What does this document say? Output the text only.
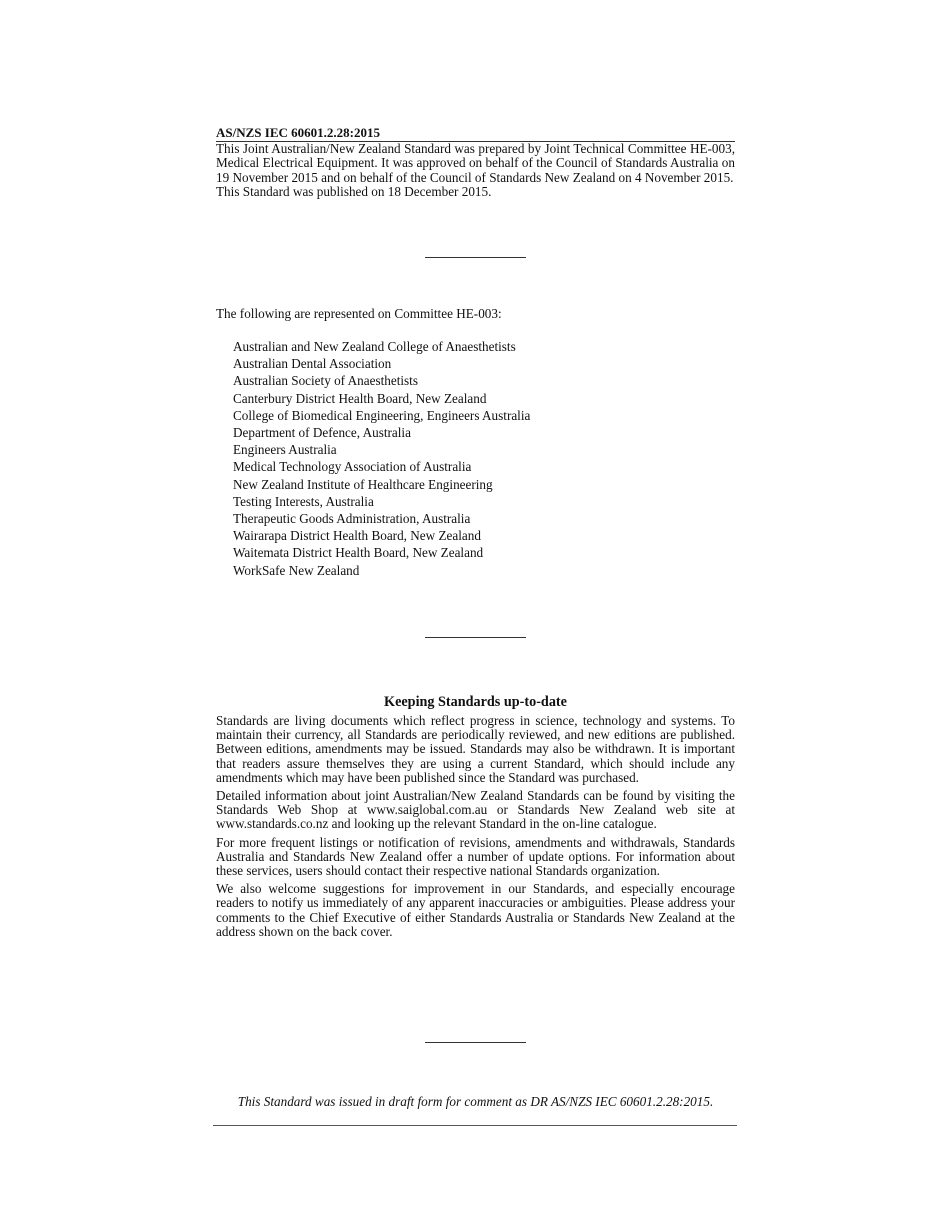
AS/NZS IEC 60601.2.28:2015

This Joint Australian/New Zealand Standard was prepared by Joint Technical Committee HE-003, Medical Electrical Equipment. It was approved on behalf of the Council of Standards Australia on 19 November 2015 and on behalf of the Council of Standards New Zealand on 4 November 2015.

This Standard was published on 18 December 2015.

The following are represented on Committee HE-003:

Australian and New Zealand College of Anaesthetists
Australian Dental Association
Australian Society of Anaesthetists
Canterbury District Health Board, New Zealand
College of Biomedical Engineering, Engineers Australia
Department of Defence, Australia
Engineers Australia
Medical Technology Association of Australia
New Zealand Institute of Healthcare Engineering
Testing Interests, Australia
Therapeutic Goods Administration, Australia
Wairarapa District Health Board, New Zealand
Waitemata District Health Board, New Zealand
WorkSafe New Zealand
Keeping Standards up-to-date

Standards are living documents which reflect progress in science, technology and systems. To maintain their currency, all Standards are periodically reviewed, and new editions are published. Between editions, amendments may be issued. Standards may also be withdrawn. It is important that readers assure themselves they are using a current Standard, which should include any amendments which may have been published since the Standard was purchased.

Detailed information about joint Australian/New Zealand Standards can be found by visiting the Standards Web Shop at www.saiglobal.com.au or Standards New Zealand web site at www.standards.co.nz and looking up the relevant Standard in the on-line catalogue.

For more frequent listings or notification of revisions, amendments and withdrawals, Standards Australia and Standards New Zealand offer a number of update options. For information about these services, users should contact their respective national Standards organization.

We also welcome suggestions for improvement in our Standards, and especially encourage readers to notify us immediately of any apparent inaccuracies or ambiguities. Please address your comments to the Chief Executive of either Standards Australia or Standards New Zealand at the address shown on the back cover.

This Standard was issued in draft form for comment as DR AS/NZS IEC 60601.2.28:2015.
